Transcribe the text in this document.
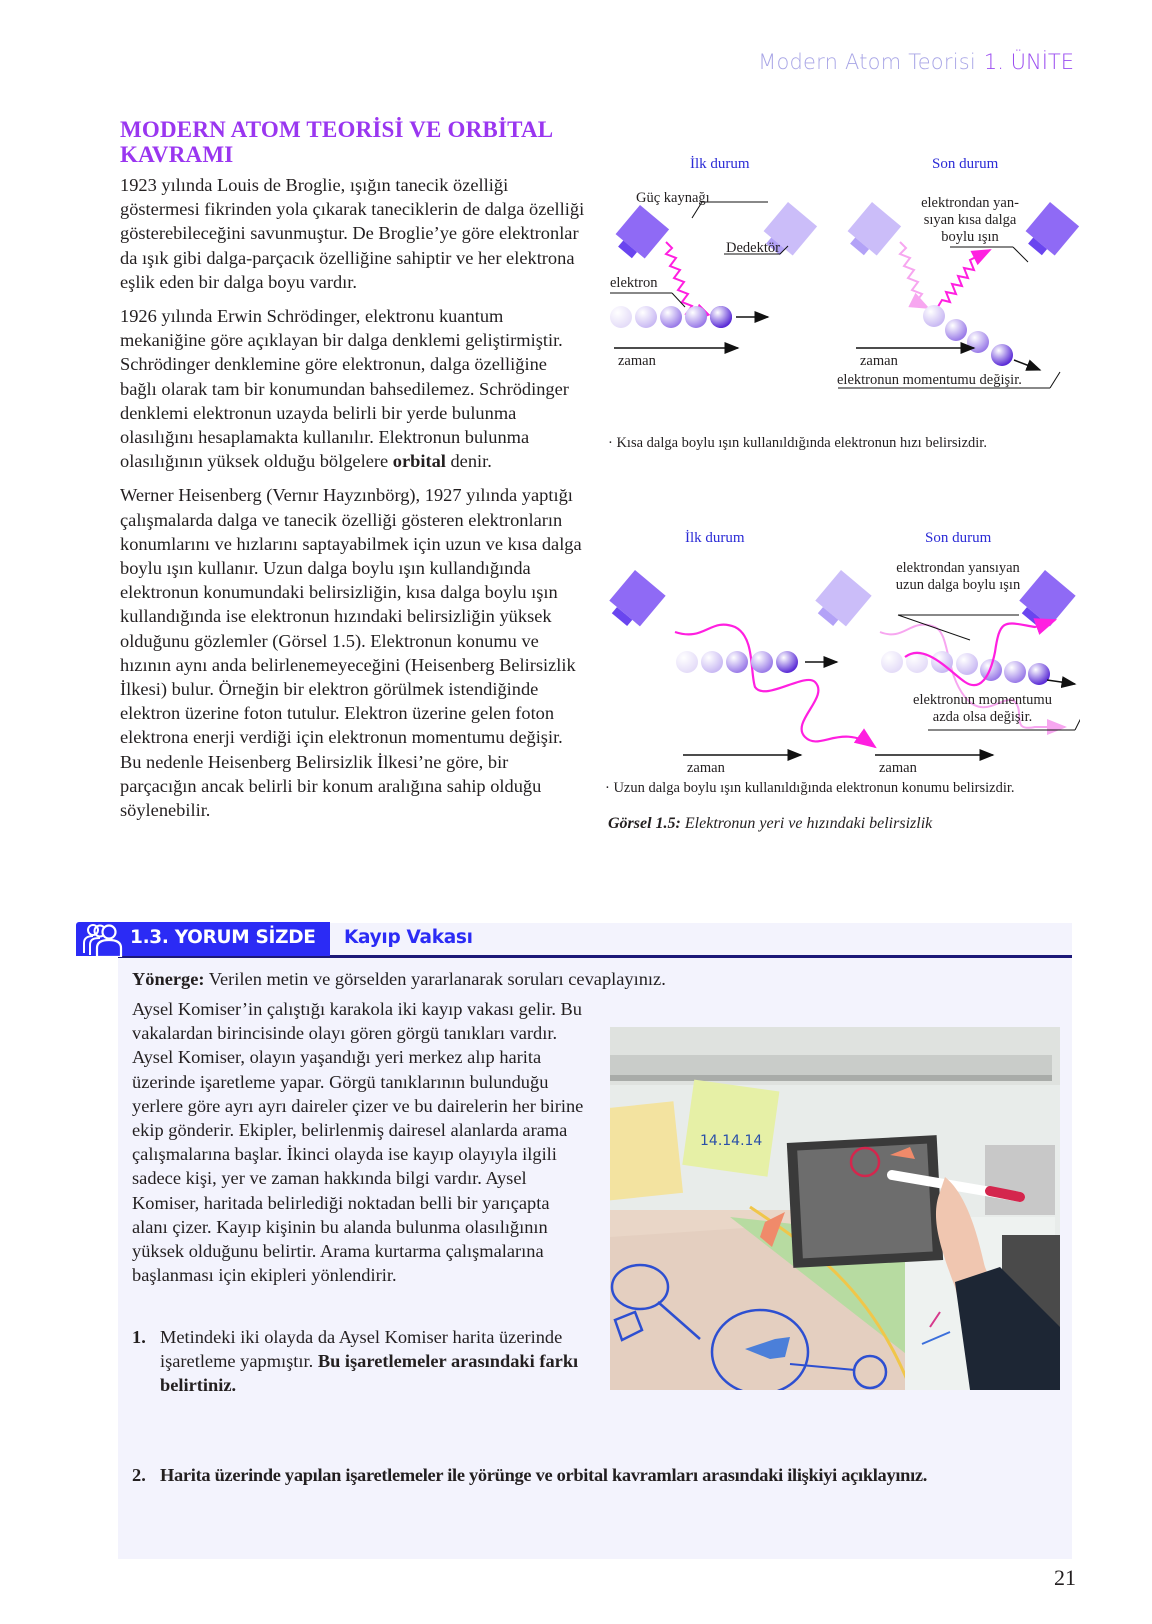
Modern Atom Teorisi 1. ÜNİTE
MODERN ATOM TEORİSİ VE ORBİTAL KAVRAMI

1923 yılında Louis de Broglie, ışığın tanecik özelliği göstermesi fikrinden yola çıkarak taneciklerin de dalga özelliği gösterebileceğini savunmuştur. De Broglie’ye göre elektronlar da ışık gibi dalga-parçacık özelliğine sahiptir ve her elektrona eşlik eden bir dalga boyu vardır.

1926 yılında Erwin Schrödinger, elektronu kuantum mekaniğine göre açıklayan bir dalga denklemi geliştirmiştir. Schrödinger denklemine göre elektronun, dalga özelliğine bağlı olarak tam bir konumundan bahsedilemez. Schrödinger denklemi elektronun uzayda belirli bir yerde bulunma olasılığını hesaplamakta kullanılır. Elektronun bulunma olasılığının yüksek olduğu bölgelere orbital denir.

Werner Heisenberg (Vernır Hayzınbörg), 1927 yılında yaptığı çalışmalarda dalga ve tanecik özelliği gösteren elektronların konumlarını ve hızlarını saptayabilmek için uzun ve kısa dalga boylu ışın kullanır. Uzun dalga boylu ışın kullandığında elektronun konumundaki belirsizliğin, kısa dalga boylu ışın kullandığında ise elektronun hızındaki belirsizliğin yüksek olduğunu gözlemler (Görsel 1.5). Elektronun konumu ve hızının aynı anda belirlenemeyeceğini (Heisenberg Belirsizlik İlkesi) bulur. Örneğin bir elektron görülmek istendiğinde elektron üzerine foton tutulur. Elektron üzerine gelen foton elektrona enerji verdiği için elektronun momentumu değişir. Bu nedenle Heisenberg Belirsizlik İlkesi’ne göre, bir parçacığın ancak belirli bir konum aralığına sahip olduğu söylenebilir.

İlk durum	Son durum
elektron
zaman	zaman
Güç kaynağı
Dedektör
elektrondan yan-
sıyan kısa dalga
boylu ışın
elektronun momentumu değişir.
· Kısa dalga boylu ışın kullanıldığında elektronun hızı belirsizdir.
İlk durum	Son durum
elektrondan yansıyan
uzun dalga boylu ışın
elektronun momentumu
azda olsa değişir.
zaman	zaman
· Uzun dalga boylu ışın kullanıldığında elektronun konumu belirsizdir.
Görsel 1.5: Elektronun yeri ve hızındaki belirsizlik
1.3. YORUM SİZDE Kayıp Vakası
Yönerge: Verilen metin ve görselden yararlanarak soruları cevaplayınız.
Aysel Komiser’in çalıştığı karakola iki kayıp vakası gelir. Bu vakalardan birincisinde olayı gören görgü tanıkları vardır. Aysel Komiser, olayın yaşandığı yeri merkez alıp harita üzerinde işaretleme yapar. Görgü tanıklarının bulunduğu yerlere göre ayrı ayrı daireler çizer ve bu dairelerin her birine ekip gönderir. Ekipler, belirlenmiş dairesel alanlarda arama çalışmalarına başlar. İkinci olayda ise kayıp olayıyla ilgili sadece kişi, yer ve zaman hakkında bilgi vardır. Aysel Komiser, haritada belirlediği noktadan belli bir yarıçapta alanı çizer. Kayıp kişinin bu alanda bulunma olasılığının yüksek olduğunu belirtir. Arama kurtarma çalışmalarına başlanması için ekipleri yönlendirir.
1. Metindeki iki olayda da Aysel Komiser harita üzerinde işaretleme yapmıştır. Bu işaretlemeler arasındaki farkı belirtiniz.
2. Harita üzerinde yapılan işaretlemeler ile yörünge ve orbital kavramları arasındaki ilişkiyi açıklayınız.
14.14.14
21
